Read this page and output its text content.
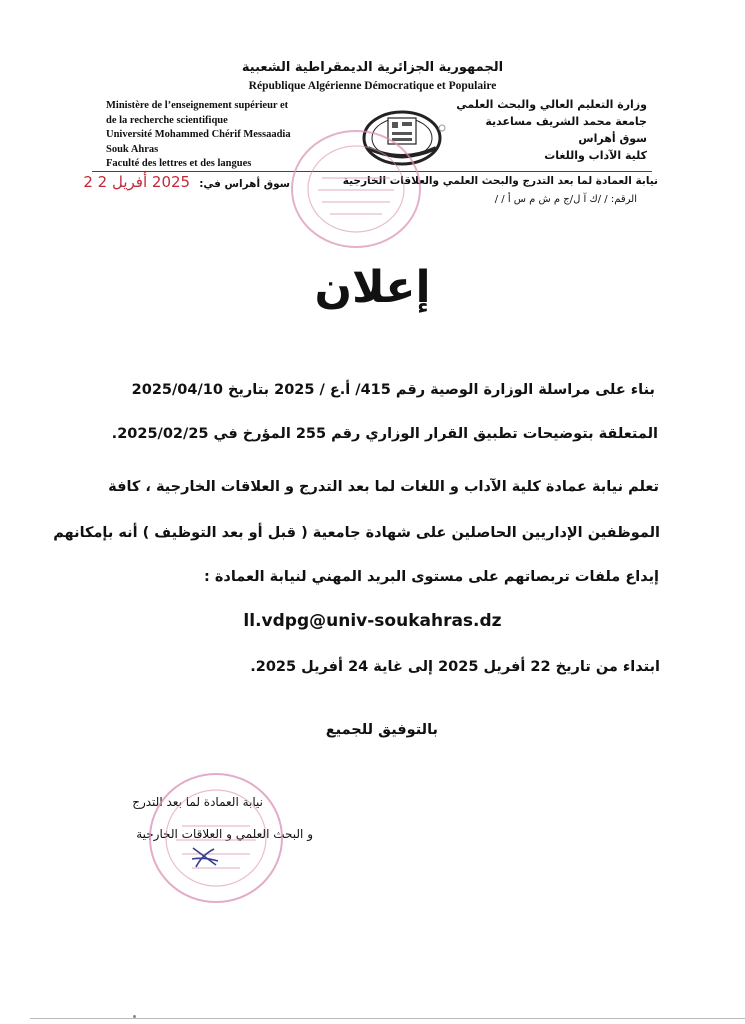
الجمهورية الجزائرية الديمقراطية الشعبية
République Algérienne Démocratique et Populaire
Ministère de l’enseignement supérieur et
de la recherche scientifique
Université Mohammed Chérif Messaadia
Souk Ahras
Faculté des lettres et des langues
وزارة التعليم العالي والبحث العلمي
جامعة محمد الشريف مساعدية
سوق أهراس
كلية الآداب واللغات
نيابة العمادة لما بعد التدرج والبحث العلمي والعلاقات الخارجية
الرقم: / /ك آ ل/ج م ش م س أ / /
سوق أهراس في: 2025 أفريل 2 2
إعلان
بناء على مراسلة الوزارة الوصية رقم 415/ أ.ع / 2025 بتاريخ 2025/04/10
المتعلقة بتوضيحات تطبيق القرار الوزاري رقم 255 المؤرخ في 2025/02/25.
تعلم نيابة عمادة كلية الآداب و اللغات لما بعد التدرج و العلاقات الخارجية ، كافة
الموظفين الإداريين الحاصلين على شهادة جامعية ( قبل أو بعد التوظيف ) أنه بإمكانهم
إيداع ملفات تربصاتهم على مستوى البريد المهني لنيابة العمادة :
ll.vdpg@univ-soukahras.dz
ابتداء من تاريخ 22 أفريل 2025 إلى غاية 24 أفريل 2025.
بالتوفيق للجميع
نيابة العمادة لما بعد التدرج
و البحث العلمي و العلاقات الخارجية
